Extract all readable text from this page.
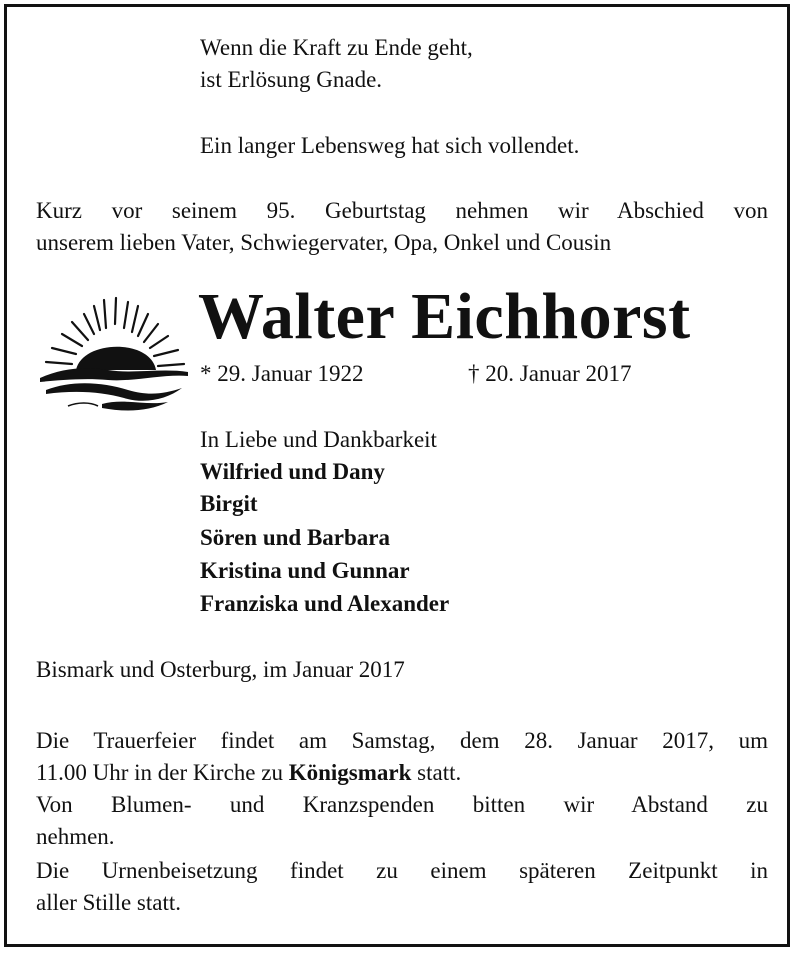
Wenn die Kraft zu Ende geht,

ist Erlösung Gnade.

Ein langer Lebensweg hat sich vollendet.

Kurz vor seinem 95. Geburtstag nehmen wir Abschied von

unserem lieben Vater, Schwiegervater, Opa, Onkel und Cousin

Walter Eichhorst

* 29. Januar 1922	† 20. Januar 2017

In Liebe und Dankbarkeit

Wilfried und Dany

Birgit

Sören und Barbara

Kristina und Gunnar

Franziska und Alexander

Bismark und Osterburg, im Januar 2017

Die Trauerfeier findet am Samstag, dem 28. Januar 2017, um

11.00 Uhr in der Kirche zu Königsmark statt.

Von Blumen- und Kranzspenden bitten wir Abstand zu

nehmen.

Die Urnenbeisetzung findet zu einem späteren Zeitpunkt in

aller Stille statt.
